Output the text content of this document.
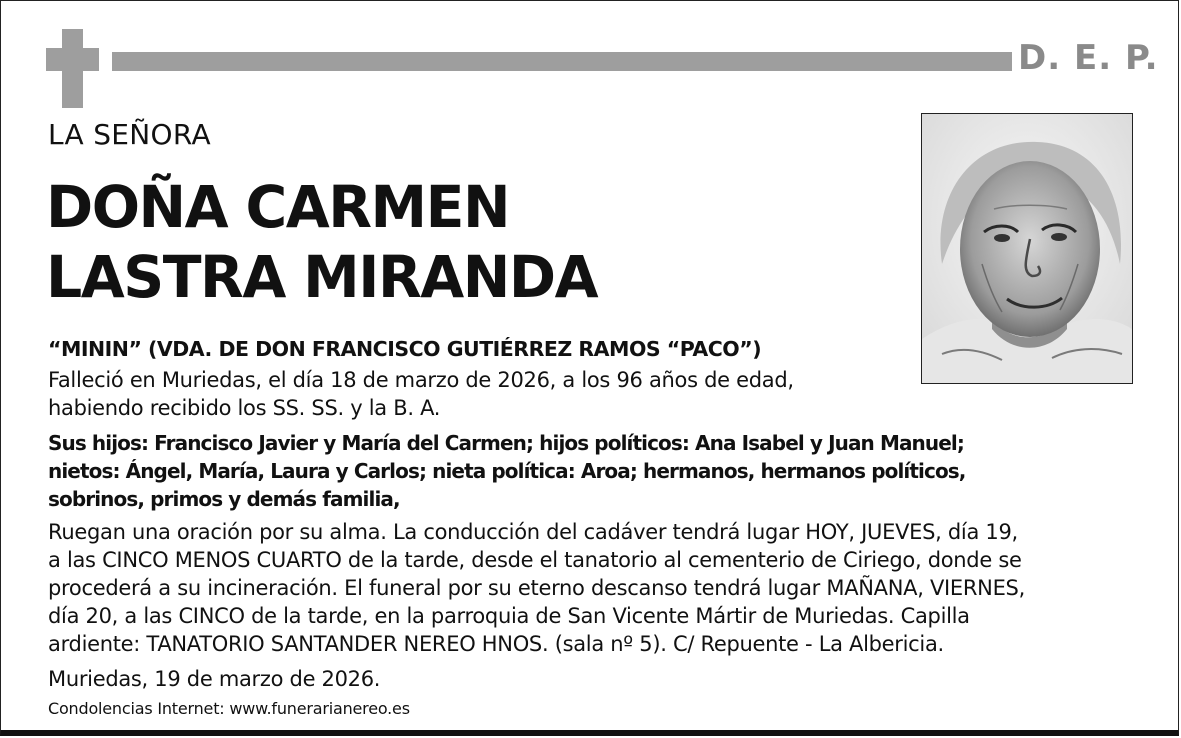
D. E. P.
LA SEÑORA
DOÑA CARMEN
LASTRA MIRANDA
“MININ” (VDA. DE DON FRANCISCO GUTIÉRREZ RAMOS “PACO”)
Falleció en Muriedas, el día 18 de marzo de 2026, a los 96 años de edad,
habiendo recibido los SS. SS. y la B. A.
Sus hijos: Francisco Javier y María del Carmen; hijos políticos: Ana Isabel y Juan Manuel;
nietos: Ángel, María, Laura y Carlos; nieta política: Aroa; hermanos, hermanos políticos,
sobrinos, primos y demás familia,
Ruegan una oración por su alma. La conducción del cadáver tendrá lugar HOY, JUEVES, día 19,
a las CINCO MENOS CUARTO de la tarde, desde el tanatorio al cementerio de Ciriego, donde se
procederá a su incineración. El funeral por su eterno descanso tendrá lugar MAÑANA, VIERNES,
día 20, a las CINCO de la tarde, en la parroquia de San Vicente Mártir de Muriedas. Capilla
ardiente: TANATORIO SANTANDER NEREO HNOS. (sala nº 5). C/ Repuente - La Albericia.
Muriedas, 19 de marzo de 2026.
Condolencias Internet: www.funerarianereo.es
